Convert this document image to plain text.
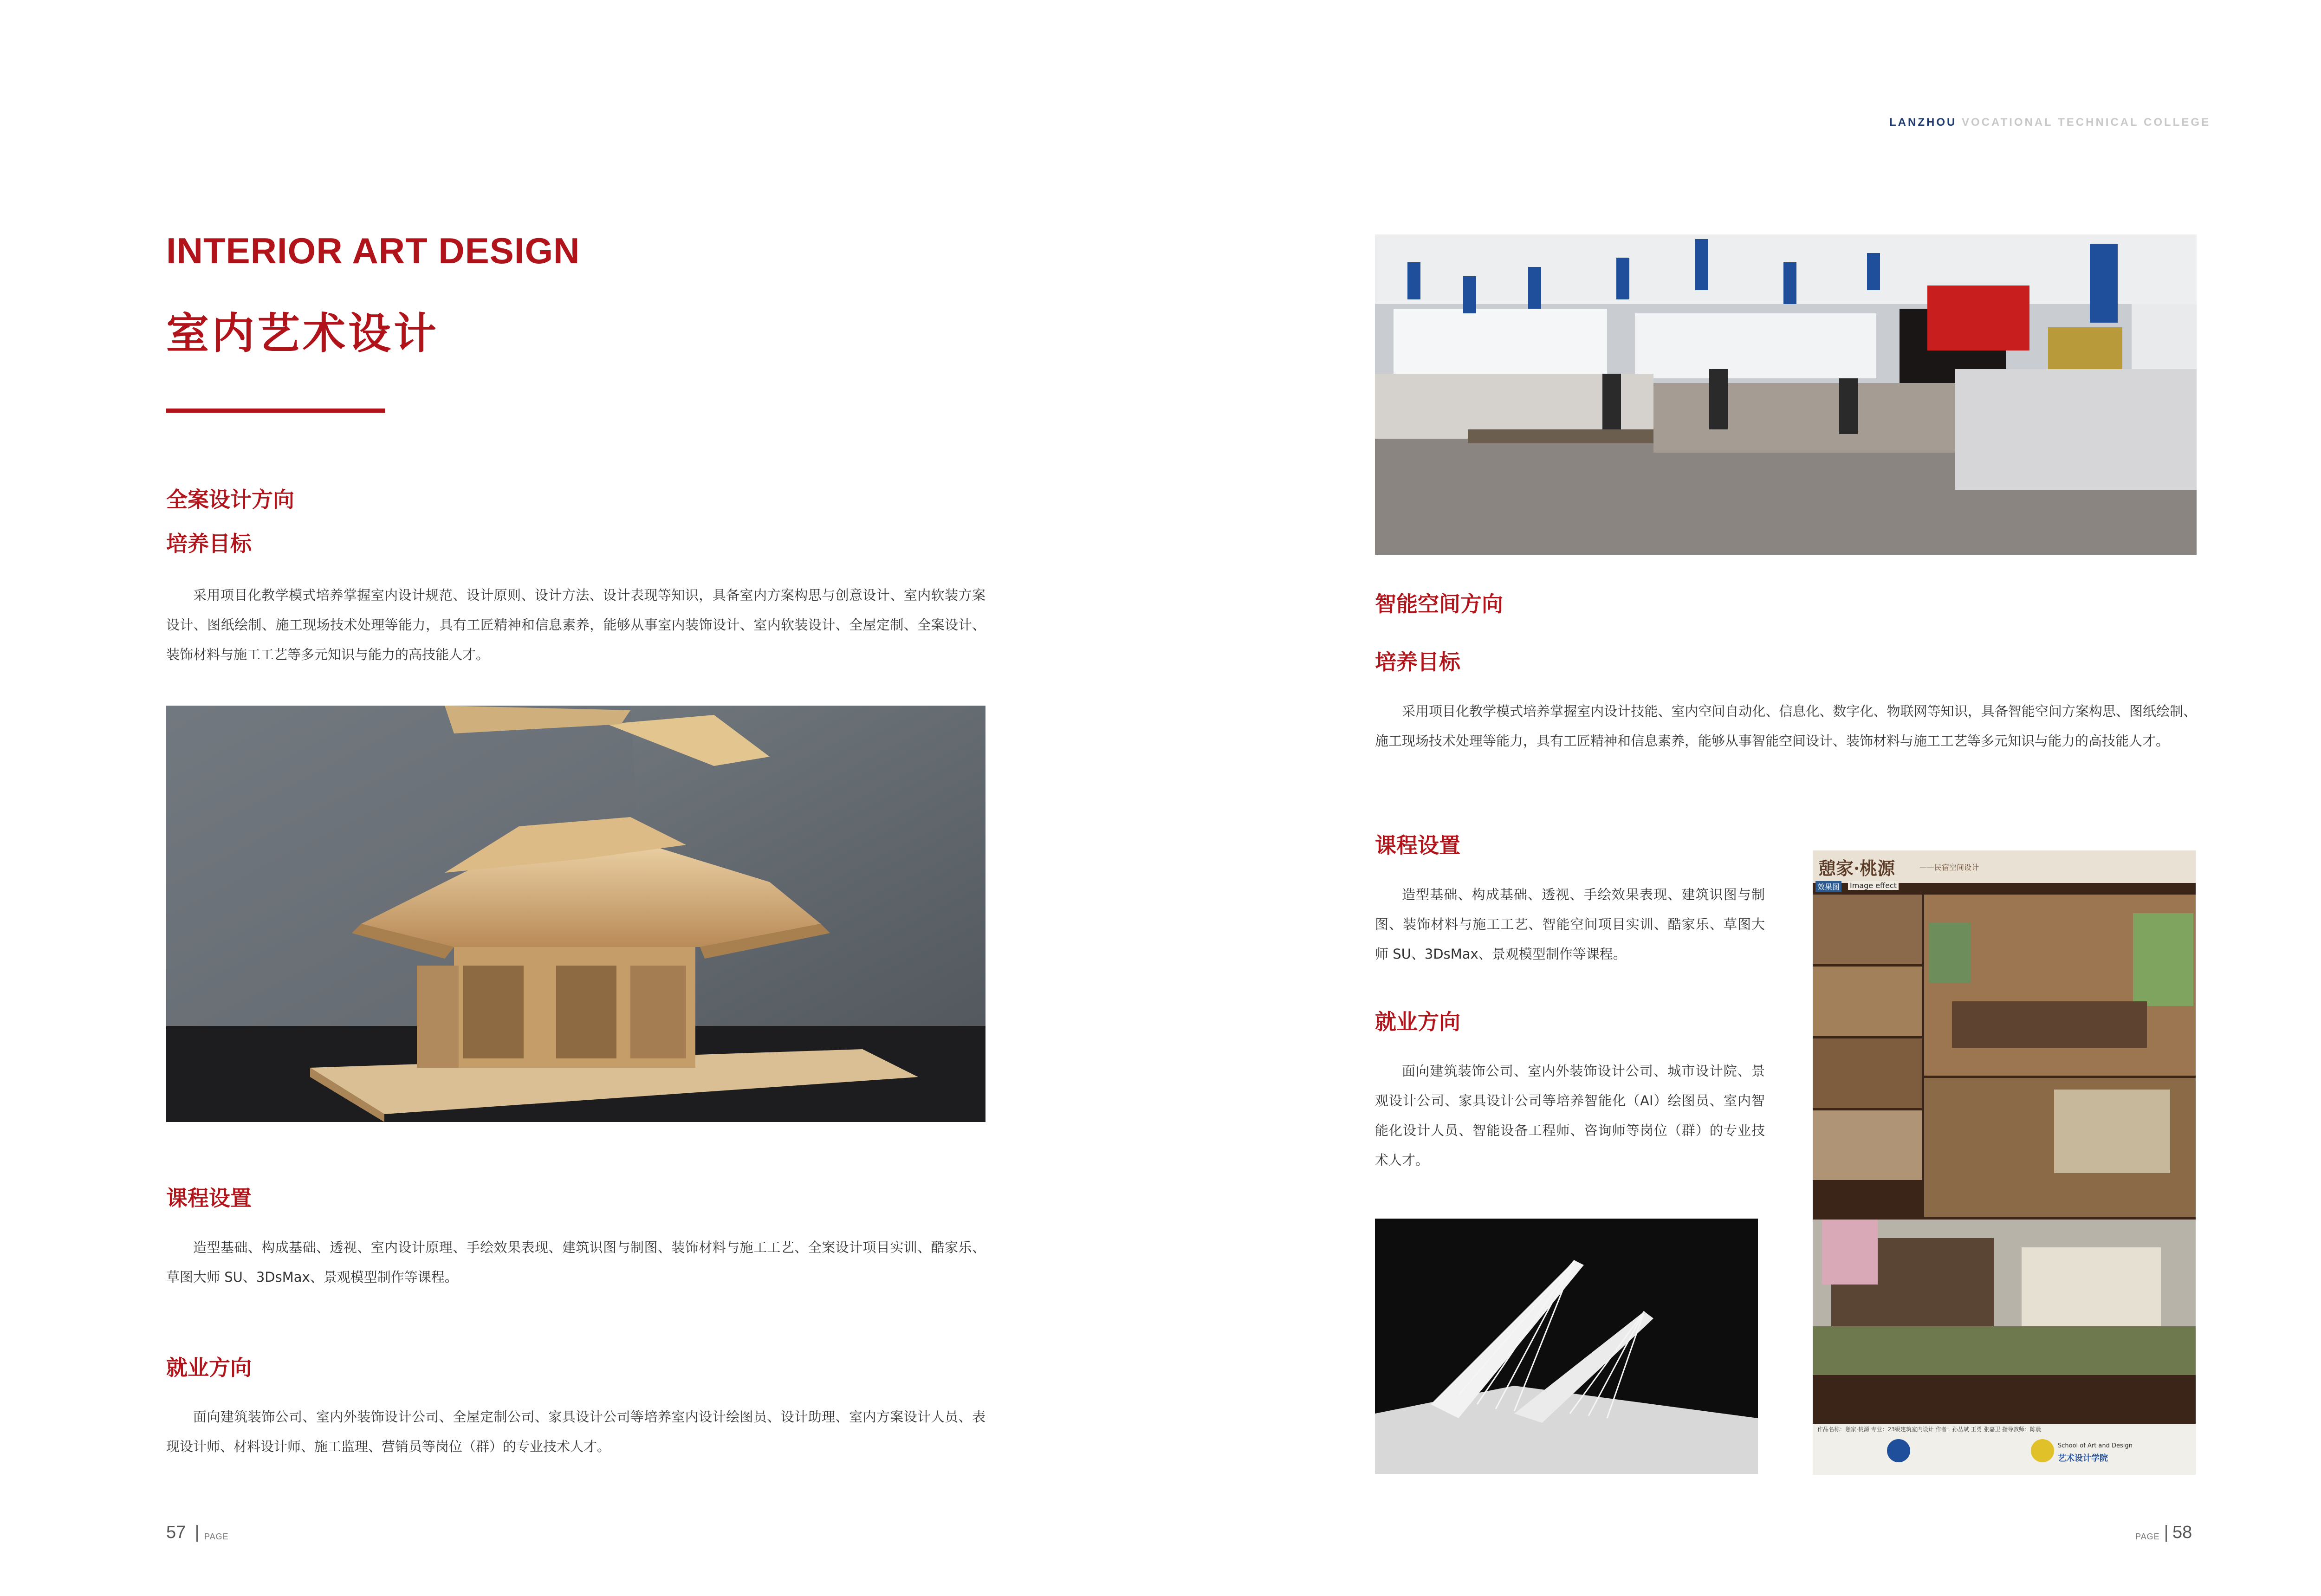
LANZHOU VOCATIONAL TECHNICAL COLLEGE
INTERIOR ART DESIGN
室内艺术设计
全案设计方向
培养目标
采用项目化教学模式培养掌握室内设计规范、设计原则、设计方法、设计表现等知识，具备室内方案构思与创意设计、室内软装方案设计、图纸绘制、施工现场技术处理等能力，具有工匠精神和信息素养，能够从事室内装饰设计、室内软装设计、全屋定制、全案设计、装饰材料与施工工艺等多元知识与能力的高技能人才。
课程设置
造型基础、构成基础、透视、室内设计原理、手绘效果表现、建筑识图与制图、装饰材料与施工工艺、全案设计项目实训、酷家乐、草图大师 SU、3DsMax、景观模型制作等课程。
就业方向
面向建筑装饰公司、室内外装饰设计公司、全屋定制公司、家具设计公司等培养室内设计绘图员、设计助理、室内方案设计人员、表现设计师、材料设计师、施工监理、营销员等岗位（群）的专业技术人才。
57 PAGE
智能空间方向
培养目标
采用项目化教学模式培养掌握室内设计技能、室内空间自动化、信息化、数字化、物联网等知识，具备智能空间方案构思、图纸绘制、施工现场技术处理等能力，具有工匠精神和信息素养，能够从事智能空间设计、装饰材料与施工工艺等多元知识与能力的高技能人才。
课程设置
造型基础、构成基础、透视、手绘效果表现、建筑识图与制图、装饰材料与施工工艺、智能空间项目实训、酷家乐、草图大师 SU、3DsMax、景观模型制作等课程。
就业方向
面向建筑装饰公司、室内外装饰设计公司、城市设计院、景观设计公司、家具设计公司等培养智能化（AI）绘图员、室内智能化设计人员、智能设备工程师、咨询师等岗位（群）的专业技术人才。
憩家·桃源	——民宿空间设计
效果图 Image effect
作品名称：憩家·桃源 专业：23级建筑室内设计 作者：孙丛斌 王勇 张嘉卫 指导教师：陈晨
School of Art and Design
艺术设计学院
PAGE 58
